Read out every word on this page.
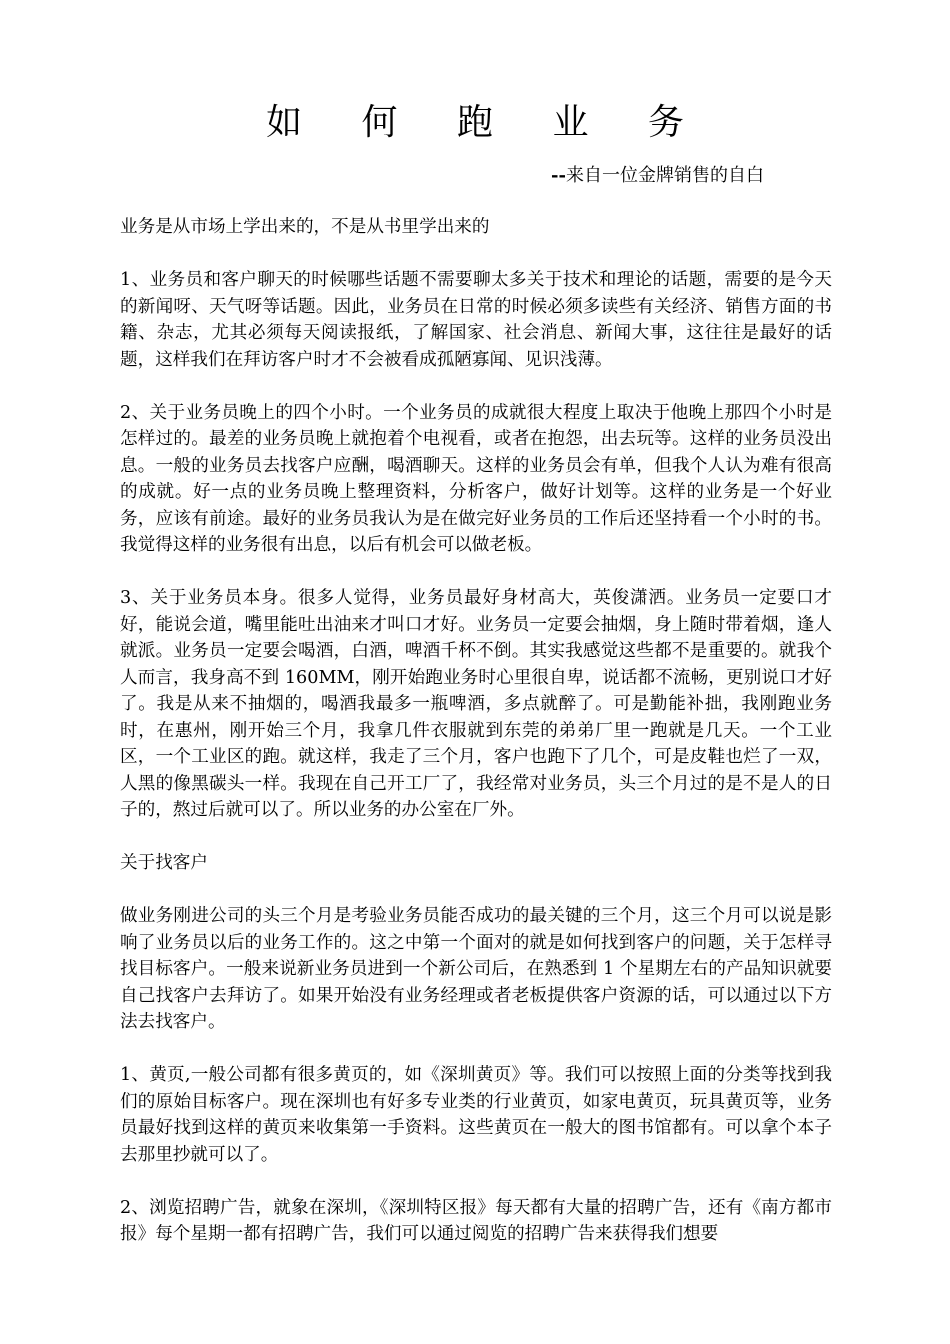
如 何 跑 业 务
--来自一位金牌销售的自白

业务是从市场上学出来的，不是从书里学出来的

1、业务员和客户聊天的时候哪些话题不需要聊太多关于技术和理论的话题，需要的是今天的新闻呀、天气呀等话题。因此，业务员在日常的时候必须多读些有关经济、销售方面的书籍、杂志，尤其必须每天阅读报纸，了解国家、社会消息、新闻大事，这往往是最好的话题，这样我们在拜访客户时才不会被看成孤陋寡闻、见识浅薄。

2、关于业务员晚上的四个小时。一个业务员的成就很大程度上取决于他晚上那四个小时是怎样过的。最差的业务员晚上就抱着个电视看，或者在抱怨，出去玩等。这样的业务员没出息。一般的业务员去找客户应酬，喝酒聊天。这样的业务员会有单，但我个人认为难有很高的成就。好一点的业务员晚上整理资料，分析客户，做好计划等。这样的业务是一个好业务，应该有前途。最好的业务员我认为是在做完好业务员的工作后还坚持看一个小时的书。我觉得这样的业务很有出息，以后有机会可以做老板。

3、关于业务员本身。很多人觉得，业务员最好身材高大，英俊潇洒。业务员一定要口才好，能说会道，嘴里能吐出油来才叫口才好。业务员一定要会抽烟，身上随时带着烟，逢人就派。业务员一定要会喝酒，白酒，啤酒千杯不倒。其实我感觉这些都不是重要的。就我个人而言，我身高不到 160MM，刚开始跑业务时心里很自卑，说话都不流畅，更别说口才好了。我是从来不抽烟的，喝酒我最多一瓶啤酒，多点就醉了。可是勤能补拙，我刚跑业务时，在惠州，刚开始三个月，我拿几件衣服就到东莞的弟弟厂里一跑就是几天。一个工业区，一个工业区的跑。就这样，我走了三个月，客户也跑下了几个，可是皮鞋也烂了一双，人黑的像黑碳头一样。我现在自己开工厂了，我经常对业务员，头三个月过的是不是人的日子的，熬过后就可以了。所以业务的办公室在厂外。

关于找客户

做业务刚进公司的头三个月是考验业务员能否成功的最关键的三个月，这三个月可以说是影响了业务员以后的业务工作的。这之中第一个面对的就是如何找到客户的问题，关于怎样寻找目标客户。一般来说新业务员进到一个新公司后，在熟悉到 1 个星期左右的产品知识就要自己找客户去拜访了。如果开始没有业务经理或者老板提供客户资源的话，可以通过以下方法去找客户。

1、黄页,一般公司都有很多黄页的，如《深圳黄页》等。我们可以按照上面的分类等找到我们的原始目标客户。现在深圳也有好多专业类的行业黄页，如家电黄页，玩具黄页等，业务员最好找到这样的黄页来收集第一手资料。这些黄页在一般大的图书馆都有。可以拿个本子去那里抄就可以了。

2、浏览招聘广告，就象在深圳，《深圳特区报》每天都有大量的招聘广告，还有《南方都市报》每个星期一都有招聘广告，我们可以通过阅览的招聘广告来获得我们想要
